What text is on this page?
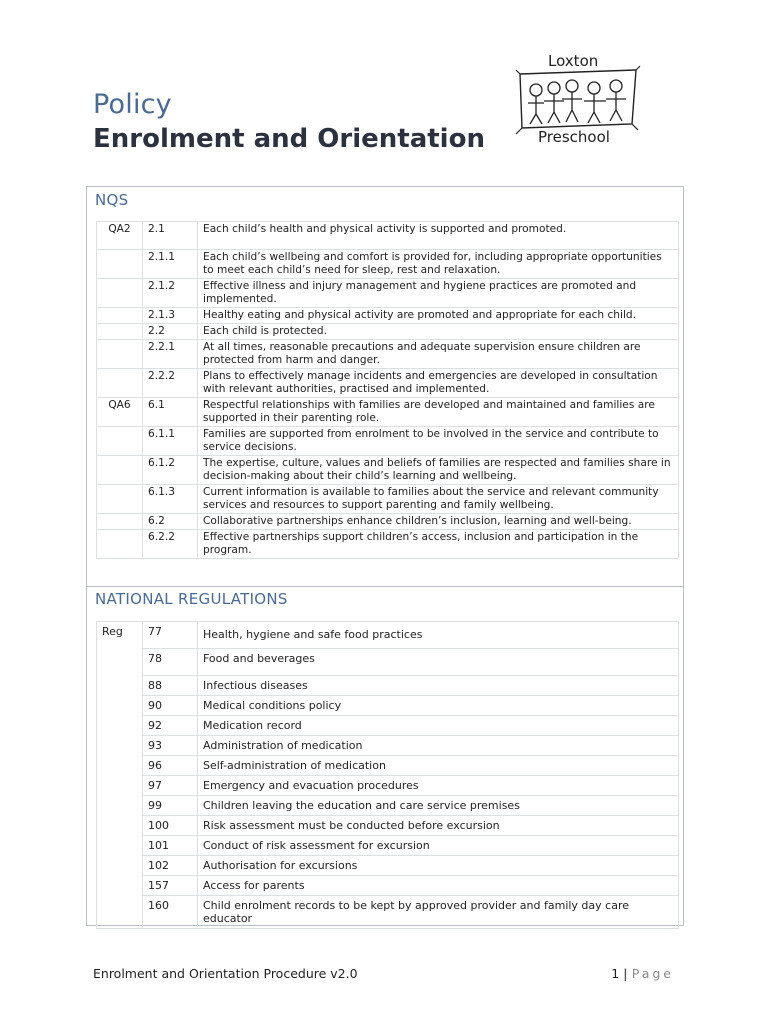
Policy
Enrolment and Orientation
Loxton
Preschool
NQS
QA2	2.1	Each child’s health and physical activity is supported and promoted.
	2.1.1	Each child’s wellbeing and comfort is provided for, including appropriate opportunities to meet each child’s need for sleep, rest and relaxation.
	2.1.2	Effective illness and injury management and hygiene practices are promoted and implemented.
	2.1.3	Healthy eating and physical activity are promoted and appropriate for each child.
	2.2	Each child is protected.
	2.2.1	At all times, reasonable precautions and adequate supervision ensure children are protected from harm and danger.
	2.2.2	Plans to effectively manage incidents and emergencies are developed in consultation with relevant authorities, practised and implemented.
QA6	6.1	Respectful relationships with families are developed and maintained and families are supported in their parenting role.
	6.1.1	Families are supported from enrolment to be involved in the service and contribute to service decisions.
	6.1.2	The expertise, culture, values and beliefs of families are respected and families share in decision-making about their child’s learning and wellbeing.
	6.1.3	Current information is available to families about the service and relevant community services and resources to support parenting and family wellbeing.
	6.2	Collaborative partnerships enhance children’s inclusion, learning and well-being.
	6.2.2	Effective partnerships support children’s access, inclusion and participation in the program.
NATIONAL REGULATIONS
Reg	77	Health, hygiene and safe food practices
	78	Food and beverages
	88	Infectious diseases
	90	Medical conditions policy
	92	Medication record
	93	Administration of medication
	96	Self-administration of medication
	97	Emergency and evacuation procedures
	99	Children leaving the education and care service premises
	100	Risk assessment must be conducted before excursion
	101	Conduct of risk assessment for excursion
	102	Authorisation for excursions
	157	Access for parents
	160	Child enrolment records to be kept by approved provider and family day care educator
Enrolment and Orientation Procedure v2.0	1 | Page
